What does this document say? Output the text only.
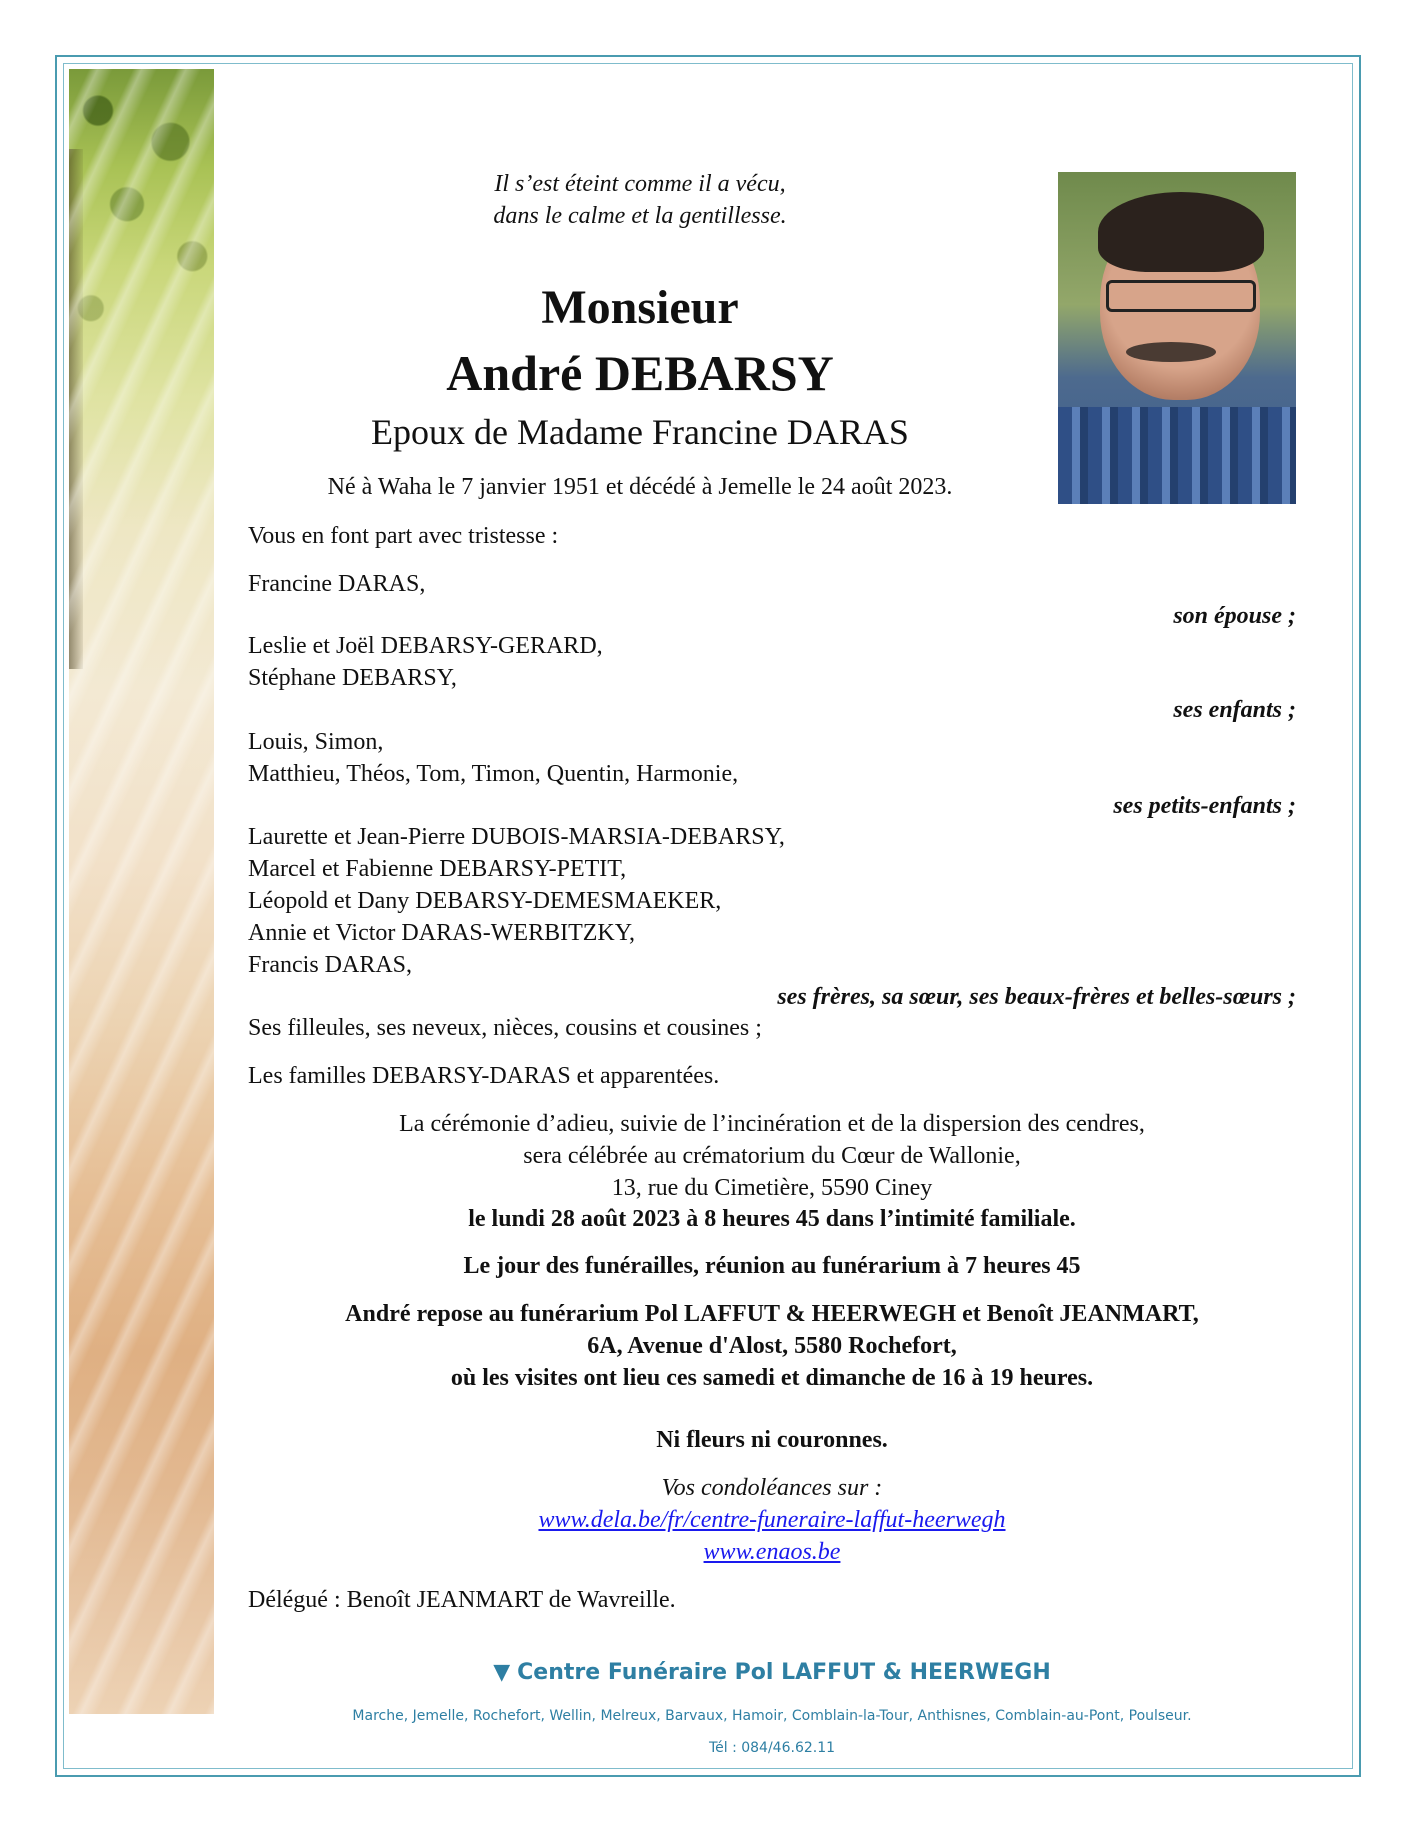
Il s’est éteint comme il a vécu,
dans le calme et la gentillesse.
Monsieur
André DEBARSY
Epoux de Madame Francine DARAS
Né à Waha le 7 janvier 1951 et décédé à Jemelle le 24 août 2023.
Vous en font part avec tristesse :
Francine DARAS,
son épouse ;
Leslie et Joël DEBARSY-GERARD,
Stéphane DEBARSY,
ses enfants ;
Louis, Simon,
Matthieu, Théos, Tom, Timon, Quentin, Harmonie,
ses petits-enfants ;
Laurette et Jean-Pierre DUBOIS-MARSIA-DEBARSY,
Marcel et Fabienne DEBARSY-PETIT,
Léopold et Dany DEBARSY-DEMESMAEKER,
Annie et Victor DARAS-WERBITZKY,
Francis DARAS,
ses frères, sa sœur, ses beaux-frères et belles-sœurs ;
Ses filleules, ses neveux, nièces, cousins et cousines ;
Les familles DEBARSY-DARAS et apparentées.
La cérémonie d’adieu, suivie de l’incinération et de la dispersion des cendres,
sera célébrée au crématorium du Cœur de Wallonie,
13, rue du Cimetière, 5590 Ciney
le lundi 28 août 2023 à 8 heures 45 dans l’intimité familiale.
Le jour des funérailles, réunion au funérarium à 7 heures 45
André repose au funérarium Pol LAFFUT & HEERWEGH et Benoît JEANMART,
6A, Avenue d'Alost, 5580 Rochefort,
où les visites ont lieu ces samedi et dimanche de 16 à 19 heures.
Ni fleurs ni couronnes.
Vos condoléances sur :
www.dela.be/fr/centre-funeraire-laffut-heerwegh
www.enaos.be
Délégué : Benoît JEANMART de Wavreille.
▼ Centre Funéraire Pol LAFFUT & HEERWEGH
Marche, Jemelle, Rochefort, Wellin, Melreux, Barvaux, Hamoir, Comblain-la-Tour, Anthisnes, Comblain-au-Pont, Poulseur.
Tél : 084/46.62.11
